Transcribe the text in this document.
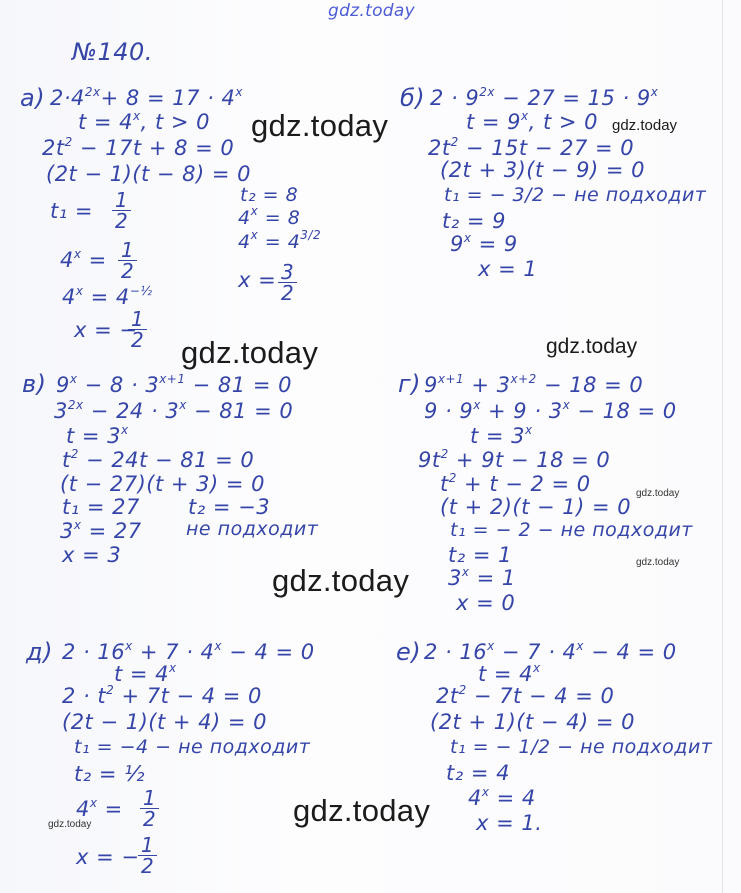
gdz.today
gdz.today	gdz.today
gdz.today	gdz.today
gdz.today
gdz.today
gdz.today
gdz.today
gdz.today
№140.
а) $2\cdot 4^{2x}+ 8 = 17 \cdot 4^x$
$t = 4^x$, t > 0
$2t^2 - 17t + 8 = 0$
(2t − 1)(t − 8) = 0
$t_1 = \frac{1}{2}$	t₂ = 8
$4^x = 8$
$4^x = 4^{3/2}$
$4^x = \frac{1}{2}$
$4^x = 4^{-\frac{1}{2}}$	$x = \frac{3}{2}$
x = −
$\frac{1}{2}$
б) $2 \cdot 9^{2x} - 27 = 15 \cdot 9^x$
$t = 9^x$, t > 0
$2t^2 - 15t - 27 = 0$
(2t + 3)(t − 9) = 0
t₁ = − 3/2 − не подходит
t₂ = 9
$9^x = 9$
x = 1
в) $9^x - 8 \cdot 3^{x+1} - 81 = 0$
$3^{2x} - 24 \cdot 3^x - 81 = 0$
$t = 3^x$
$t^2 - 24t - 81 = 0$
(t − 27)(t + 3) = 0
t₁ = 27 t₂ = −3
$3^x = 27$ не подходит
x = 3
г) $9^{x+1} + 3^{x+2} - 18 = 0$
$9 \cdot 9^x + 9 \cdot 3^x - 18 = 0$
$t = 3^x$
$9t^2 + 9t - 18 = 0$
$t^2 + t - 2 = 0$
(t + 2)(t − 1) = 0
t₁ = − 2 − не подходит
t₂ = 1
$3^x = 1$
x = 0
д) $2 \cdot 16^x + 7 \cdot 4^x - 4 = 0$
$t = 4^x$
$2 \cdot t^2 + 7t - 4 = 0$
(2t − 1)(t + 4) = 0
t₁ = −4 − не подходит
t₂ = ½
$4^x = \frac{1}{2}$
x = −
$\frac{1}{2}$
е) $2 \cdot 16^x - 7 \cdot 4^x - 4 = 0$
$t = 4^x$
$2t^2 - 7t - 4 = 0$
(2t + 1)(t − 4) = 0
t₁ = − 1/2 − не подходит
t₂ = 4
$4^x = 4$
x = 1.
